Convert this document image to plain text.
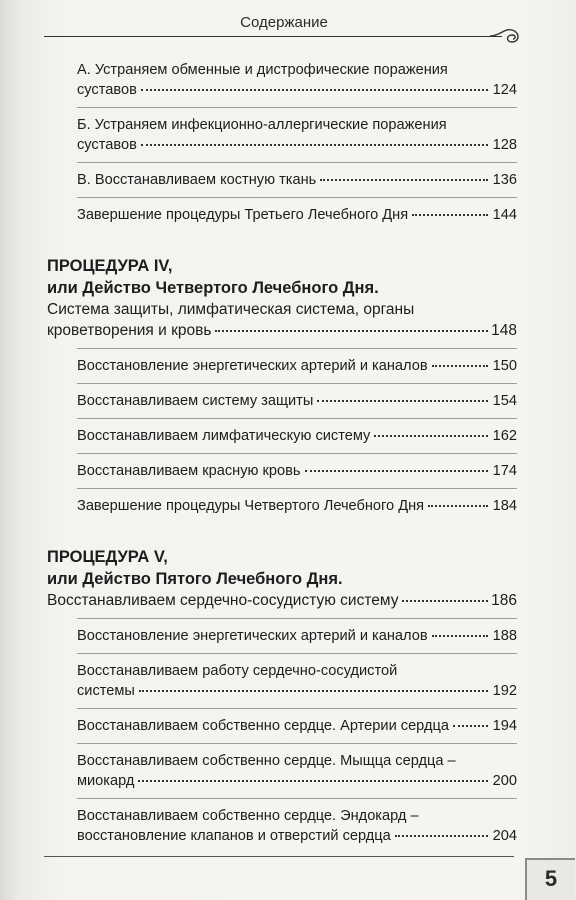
Содержание
А. Устраняем обменные и дистрофические поражения
суставов	124
Б. Устраняем инфекционно-аллергические поражения
суставов	128
В. Восстанавливаем костную ткань	136
Завершение процедуры Третьего Лечебного Дня	144
ПРОЦЕДУРА IV,
или Действо Четвертого Лечебного Дня.
Система защиты, лимфатическая система, органы
кроветворения и кровь	148
Восстановление энергетических артерий и каналов	150
Восстанавливаем систему защиты	154
Восстанавливаем лимфатическую систему	162
Восстанавливаем красную кровь	174
Завершение процедуры Четвертого Лечебного Дня	184
ПРОЦЕДУРА V,
или Действо Пятого Лечебного Дня.
Восстанавливаем сердечно-сосудистую систему	186
Восстановление энергетических артерий и каналов	188
Восстанавливаем работу сердечно-сосудистой
системы	192
Восстанавливаем собственно сердце. Артерии сердца	194
Восстанавливаем собственно сердце. Мыщца сердца –
миокард	200
Восстанавливаем собственно сердце. Эндокард –
восстановление клапанов и отверстий сердца	204
5
